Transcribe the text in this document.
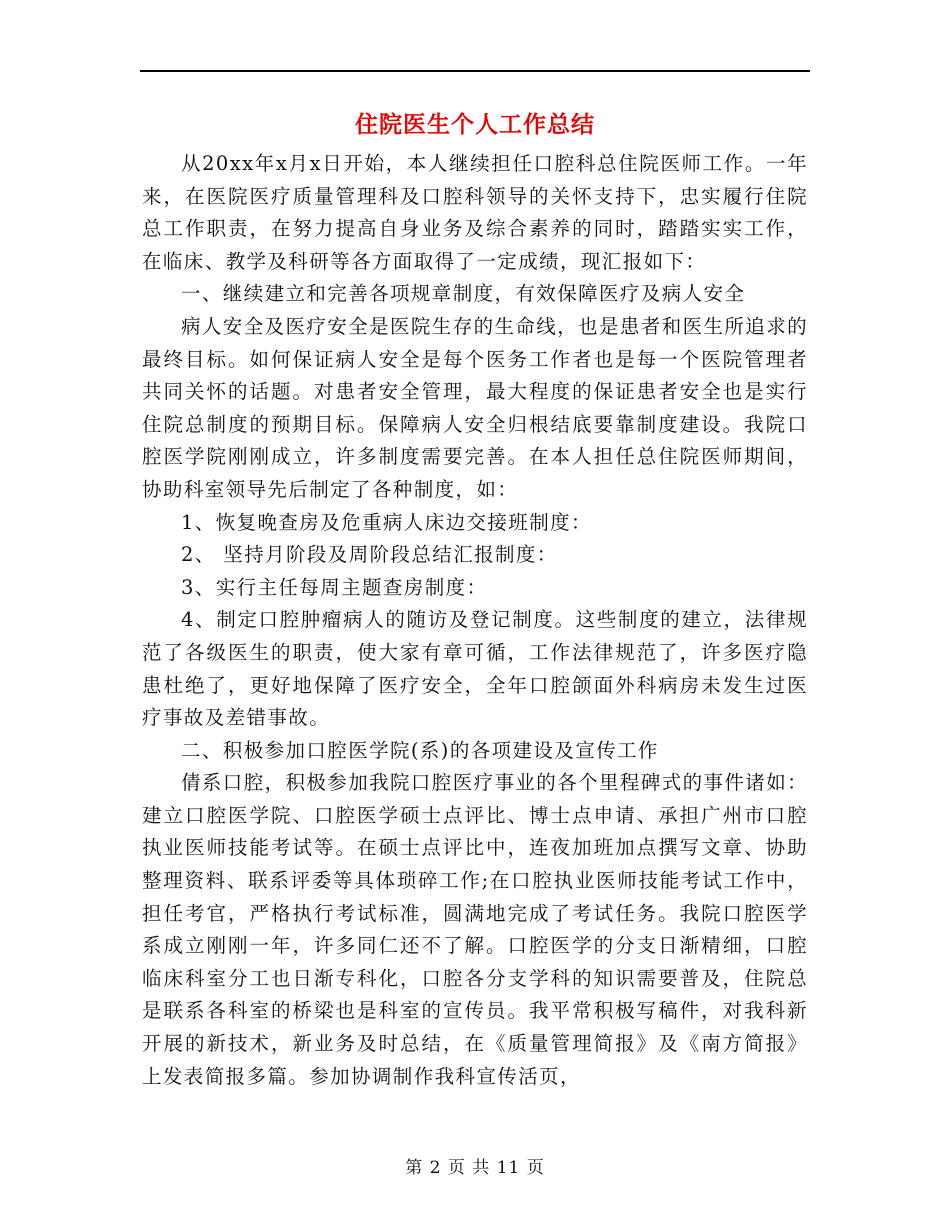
住院医生个人工作总结

从20xx年x月x日开始，本人继续担任口腔科总住院医师工作。一年来，在医院医疗质量管理科及口腔科领导的关怀支持下，忠实履行住院总工作职责，在努力提高自身业务及综合素养的同时，踏踏实实工作，在临床、教学及科研等各方面取得了一定成绩，现汇报如下：

一、继续建立和完善各项规章制度，有效保障医疗及病人安全

病人安全及医疗安全是医院生存的生命线，也是患者和医生所追求的最终目标。如何保证病人安全是每个医务工作者也是每一个医院管理者共同关怀的话题。对患者安全管理，最大程度的保证患者安全也是实行住院总制度的预期目标。保障病人安全归根结底要靠制度建设。我院口腔医学院刚刚成立，许多制度需要完善。在本人担任总住院医师期间，协助科室领导先后制定了各种制度，如：

1、恢复晚查房及危重病人床边交接班制度：

2、 坚持月阶段及周阶段总结汇报制度：

3、实行主任每周主题查房制度：

4、制定口腔肿瘤病人的随访及登记制度。这些制度的建立，法律规范了各级医生的职责，使大家有章可循，工作法律规范了，许多医疗隐患杜绝了，更好地保障了医疗安全，全年口腔颌面外科病房未发生过医疗事故及差错事故。

二、积极参加口腔医学院(系)的各项建设及宣传工作

倩系口腔，积极参加我院口腔医疗事业的各个里程碑式的事件诸如：建立口腔医学院、口腔医学硕士点评比、博士点申请、承担广州市口腔执业医师技能考试等。在硕士点评比中，连夜加班加点撰写文章、协助整理资料、联系评委等具体琐碎工作;在口腔执业医师技能考试工作中，担任考官，严格执行考试标准，圆满地完成了考试任务。我院口腔医学系成立刚刚一年，许多同仁还不了解。口腔医学的分支日渐精细，口腔临床科室分工也日渐专科化，口腔各分支学科的知识需要普及，住院总是联系各科室的桥梁也是科室的宣传员。我平常积极写稿件，对我科新开展的新技术，新业务及时总结，在《质量管理简报》及《南方简报》上发表简报多篇。参加协调制作我科宣传活页，

第 2 页 共 11 页
